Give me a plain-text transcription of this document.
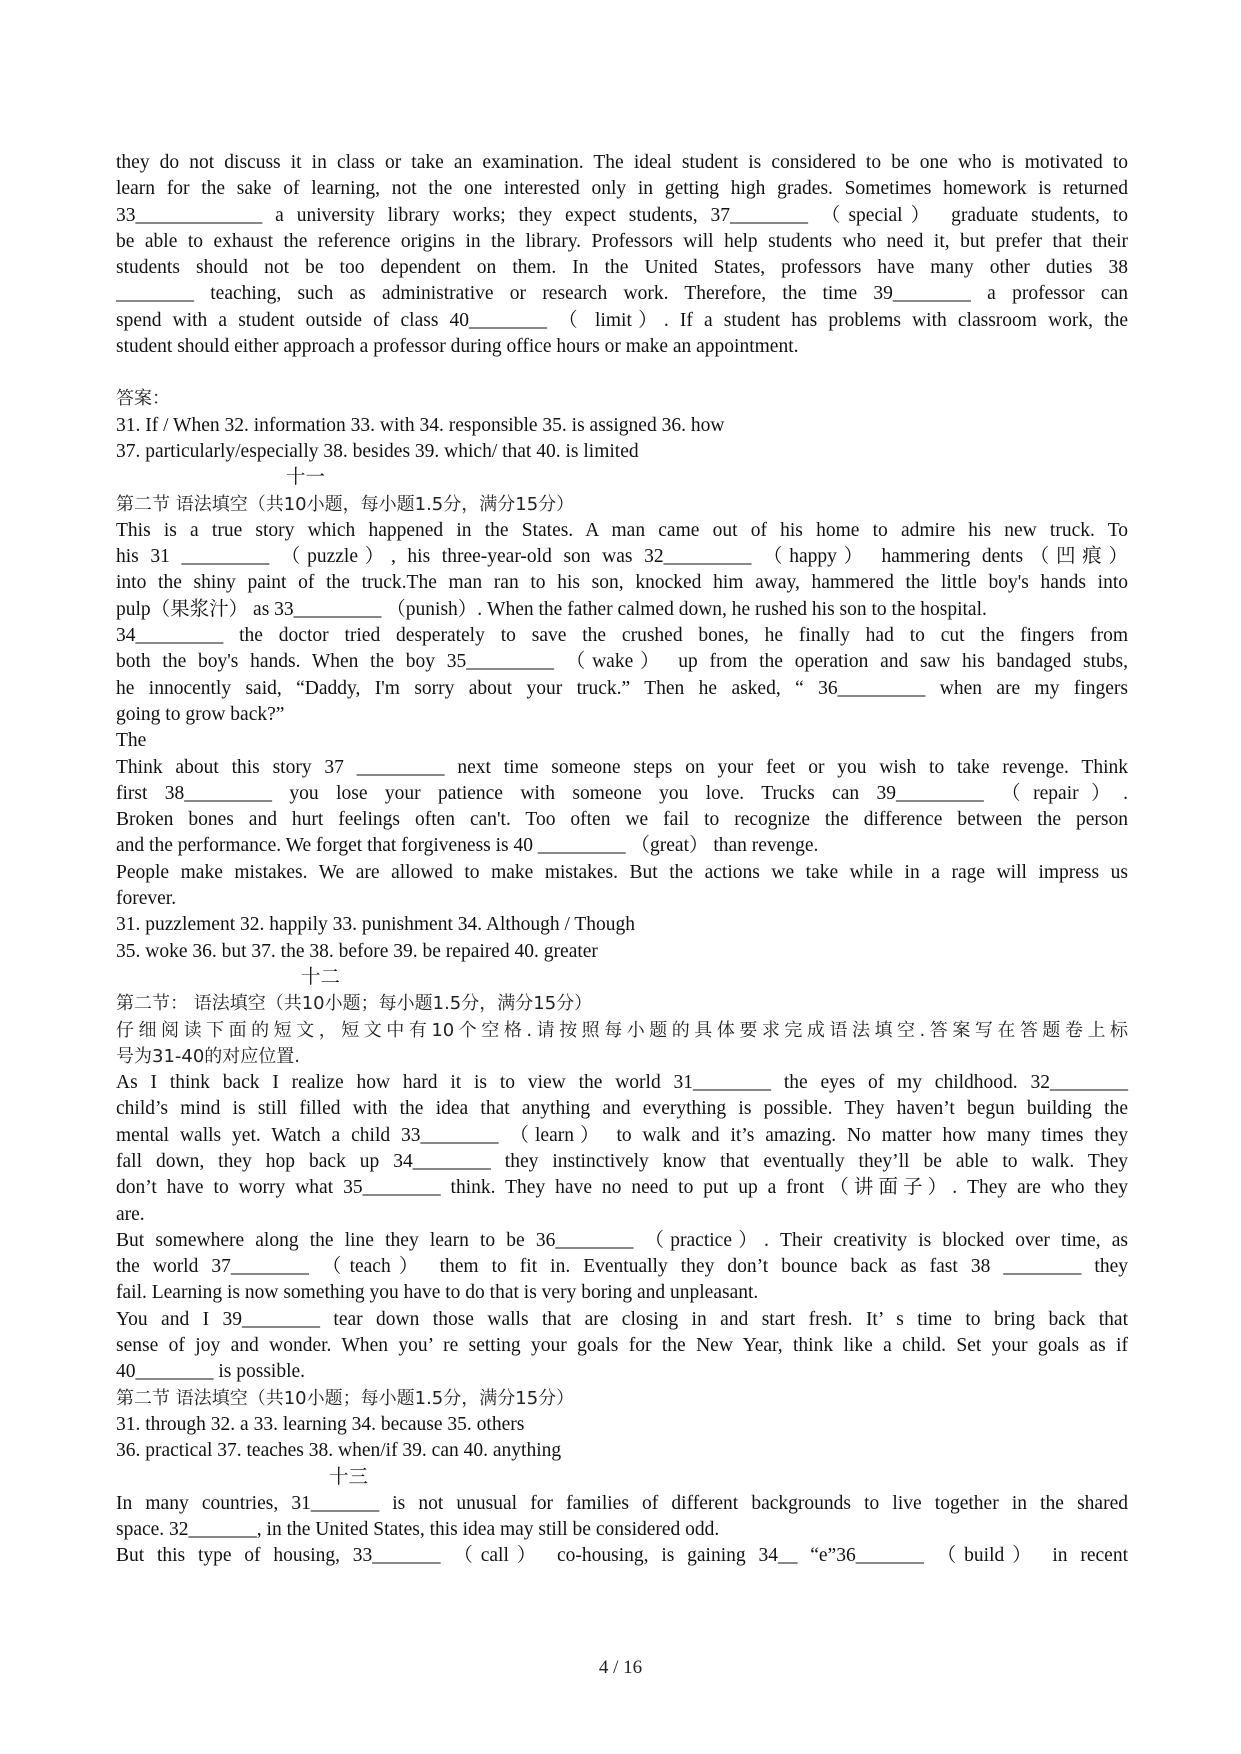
they do not discuss it in class or take an examination. The ideal student is considered to be one who is motivated to
learn for the sake of learning, not the one interested only in getting high grades. Sometimes homework is returned
33_____________ a university library works; they expect students, 37________ （special） graduate students, to
be able to exhaust the reference origins in the library. Professors will help students who need it, but prefer that their
students should not be too dependent on them. In the United States, professors have many other duties 38
________ teaching, such as administrative or research work. Therefore, the time 39________ a professor can
spend with a student outside of class 40________ （ limit）. If a student has problems with classroom work, the
student should either approach a professor during office hours or make an appointment.
答案：
31. If / When 32. information 33. with 34. responsible 35. is assigned 36. how
37. particularly/especially 38. besides 39. which/ that 40. is limited
十一
第二节 语法填空（共10小题，每小题1.5分，满分15分）
This is a true story which happened in the States. A man came out of his home to admire his new truck. To
his 31 _________ （puzzle）, his three-year-old son was 32_________ （happy） hammering dents（凹痕）
into the shiny paint of the truck.The man ran to his son, knocked him away, hammered the little boy's hands into
pulp（果浆汁） as 33_________ （punish）. When the father calmed down, he rushed his son to the hospital.
34_________ the doctor tried desperately to save the crushed bones, he finally had to cut the fingers from
both the boy's hands. When the boy 35_________ （wake） up from the operation and saw his bandaged stubs,
he innocently said, “Daddy, I'm sorry about your truck.” Then he asked, “ 36_________ when are my fingers
going to grow back?”
The
Think about this story 37 _________ next time someone steps on your feet or you wish to take revenge. Think
first 38_________ you lose your patience with someone you love. Trucks can 39_________ （repair）.
Broken bones and hurt feelings often can't. Too often we fail to recognize the difference between the person
and the performance. We forget that forgiveness is 40 _________ （great） than revenge.
People make mistakes. We are allowed to make mistakes. But the actions we take while in a rage will impress us
forever.
31. puzzlement 32. happily 33. punishment 34. Although / Though
35. woke 36. but 37. the 38. before 39. be repaired 40. greater
十二
第二节： 语法填空（共10小题；每小题1.5分，满分15分）
仔细阅读下面的短文，短文中有10个空格.请按照每小题的具体要求完成语法填空.答案写在答题卷上标
号为31-40的对应位置.
As I think back I realize how hard it is to view the world 31________ the eyes of my childhood. 32________
child’s mind is still filled with the idea that anything and everything is possible. They haven’t begun building the
mental walls yet. Watch a child 33________ （learn） to walk and it’s amazing. No matter how many times they
fall down, they hop back up 34________ they instinctively know that eventually they’ll be able to walk. They
don’t have to worry what 35________ think. They have no need to put up a front（讲面子）. They are who they
are.
But somewhere along the line they learn to be 36________ （practice）. Their creativity is blocked over time, as
the world 37________ （teach） them to fit in. Eventually they don’t bounce back as fast 38 ________ they
fail. Learning is now something you have to do that is very boring and unpleasant.
You and I 39________ tear down those walls that are closing in and start fresh. It’ s time to bring back that
sense of joy and wonder. When you’ re setting your goals for the New Year, think like a child. Set your goals as if
40________ is possible.
第二节 语法填空（共10小题；每小题1.5分，满分15分）
31. through 32. a 33. learning 34. because 35. others
36. practical 37. teaches 38. when/if 39. can 40. anything
十三
In many countries, 31_______ is not unusual for families of different backgrounds to live together in the shared
space. 32_______, in the United States, this idea may still be considered odd.
But this type of housing, 33_______ （call） co-housing, is gaining 34__ “e”36_______ （build） in recent
4 / 16
